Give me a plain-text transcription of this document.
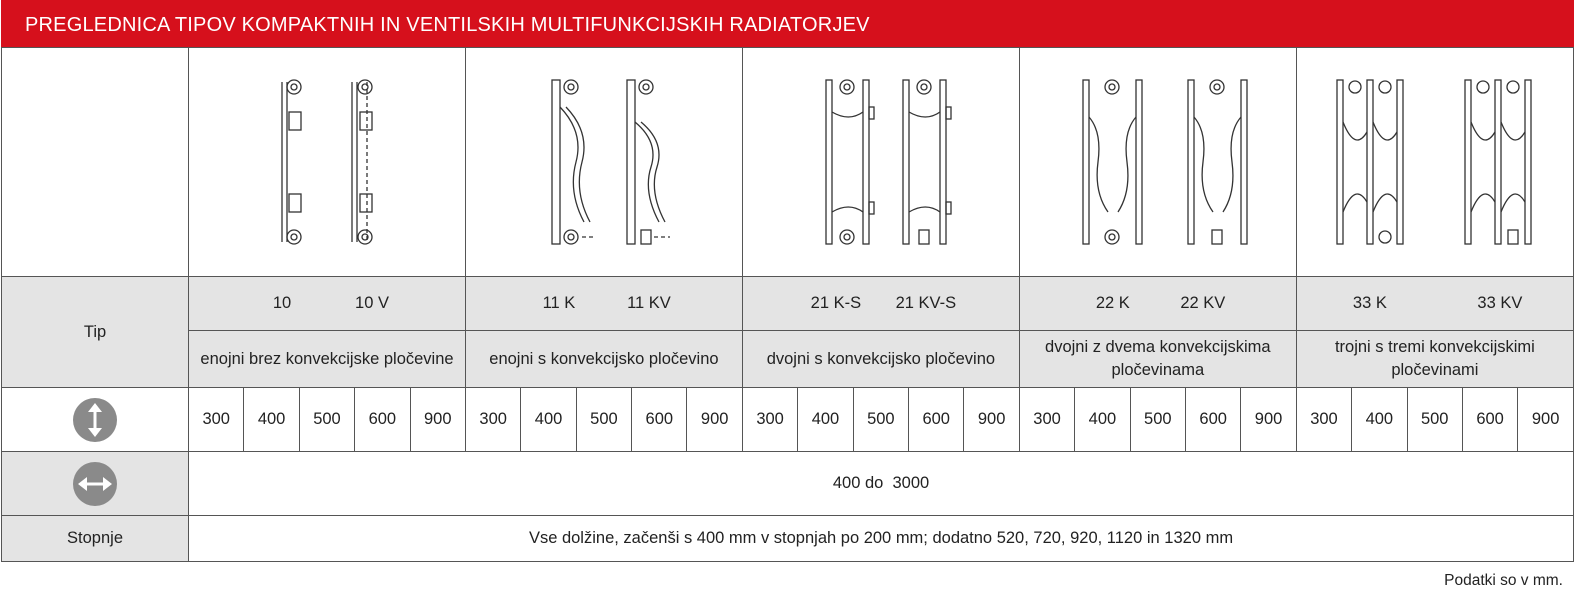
PREGLEDNICA TIPOV KOMPAKTNIH IN VENTILSKIH MULTIFUNKCIJSKIH RADIATORJEV

Tip	10 10 V					11 K 11 KV					21 K-S 21 KV-S					22 K 22 KV					33 K 33 KV				

	enojni brez konvekcijske pločevine					enojni s konvekcijsko pločevino					dvojni s konvekcijsko pločevino					dvojni z dvema konvekcijskima pločevinama					trojni s tremi konvekcijskimi pločevinami				

	300	400	500	600	900	300	400	500	600	900	300	400	500	600	900	300	400	500	600	900	300	400	500	600	900

	400 do  3000																								
Stopnje	Vse dolžine, začenši s 400 mm v stopnjah po 200 mm; dodatno 520, 720, 920, 1120 in 1320 mm																								
Podatki so v mm.
